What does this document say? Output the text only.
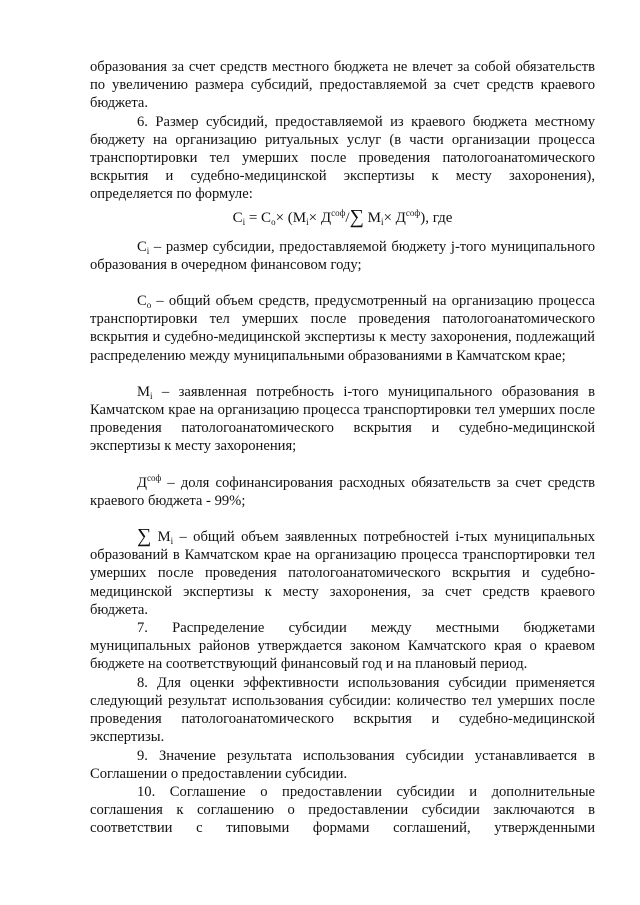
образования за счет средств местного бюджета не влечет за собой обязательств по увеличению размера субсидий, предоставляемой за счет средств краевого бюджета.

6. Размер субсидий, предоставляемой из краевого бюджета местному бюджету на организацию ритуальных услуг (в части организации процесса транспортировки тел умерших после проведения патологоанатомического вскрытия и судебно-медицинской экспертизы к месту захоронения), определяется по формуле:

$C_i = C_о\times (M_i\times Д^{соф}/\sum$ $M_i\times Д^{соф}$), где

$C_i$ – размер субсидии, предоставляемой бюджету j-того муниципального образования в очередном финансовом году;

$C_о$ – общий объем средств, предусмотренный на организацию процесса транспортировки тел умерших после проведения патологоанатомического вскрытия и судебно-медицинской экспертизы к месту захоронения, подлежащий распределению между муниципальными образованиями в Камчатском крае;

$M_i$ – заявленная потребность i-того муниципального образования в Камчатском крае на организацию процесса транспортировки тел умерших после проведения патологоанатомического вскрытия и судебно-медицинской экспертизы к месту захоронения;

$Д^{соф}$ – доля софинансирования расходных обязательств за счет средств краевого бюджета - 99%;

∑ $M_i$ – общий объем заявленных потребностей i-тых муниципальных образований в Камчатском крае на организацию процесса транспортировки тел умерших после проведения патологоанатомического вскрытия и судебно-медицинской экспертизы к месту захоронения, за счет средств краевого бюджета.

7. Распределение субсидии между местными бюджетами муниципальных районов утверждается законом Камчатского края о краевом бюджете на соответствующий финансовый год и на плановый период.

8. Для оценки эффективности использования субсидии применяется следующий результат использования субсидии: количество тел умерших после проведения патологоанатомического вскрытия и судебно-медицинской экспертизы.

9. Значение результата использования субсидии устанавливается в Соглашении о предоставлении субсидии.

10. Соглашение о предоставлении субсидии и дополнительные соглашения к соглашению о предоставлении субсидии заключаются в соответствии с типовыми формами соглашений, утвержденными
